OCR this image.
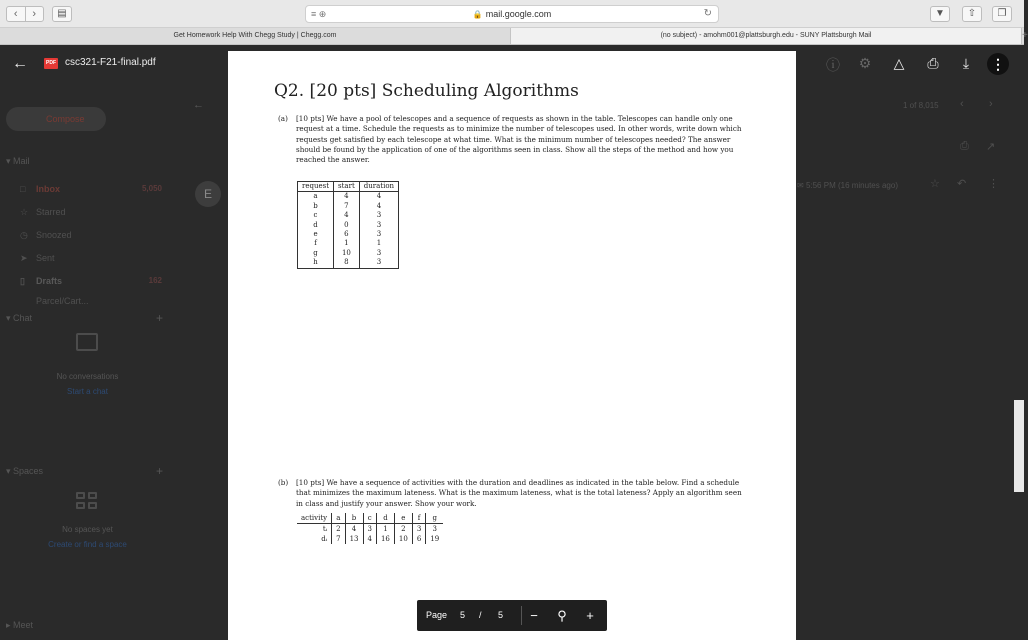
‹	›	▤	≡ ⊕	🔒 mail.google.com	↻	▼	⇧	❐
Get Homework Help With Chegg Study | Chegg.com	(no subject) - amohm001@plattsburgh.edu - SUNY Plattsburgh Mail	+
Compose
▾ Mail
□ Inbox	5,050
☆ Starred
◷ Snoozed
➤ Sent
▯ Drafts	162
Parcel/Cart...
▾ Chat	+
No conversations
Start a chat
▾ Spaces	+
No spaces yet
Create or find a space
▸ Meet
←
E
1 of 8,015 ‹ ›
⎙ ↗
✉ 5:56 PM (16 minutes ago)	☆ ↶ ⋮
←	PDF csc321-F21-final.pdf	ⓘ ⚙	△	⎙	⤓	⋮
Q2. [20 pts] Scheduling Algorithms
(a)	[10 pts] We have a pool of telescopes and a sequence of requests as shown in the table. Telescopes can handle only one request at a time. Schedule the requests as to minimize the number of telescopes used. In other words, write down which requests get satisfied by each telescope at what time. What is the minimum number of telescopes needed? The answer should be found by the application of one of the algorithms seen in class. Show all the steps of the method and how you reached the answer.
request	start	duration
a	4	4
b	7	4
c	4	3
d	0	3
e	6	3
f	1	1
g	10	3
h	8	3
(b)	[10 pts] We have a sequence of activities with the duration and deadlines as indicated in the table below. Find a schedule that minimizes the maximum lateness. What is the maximum lateness, what is the total lateness? Apply an algorithm seen in class and justify your answer. Show your work.
activity	a	b	c	d	e	f	g
tᵢ	2	4	3	1	2	3	3
dᵢ	7	13	4	16	10	6	19
Page 5 / 5	−	⚲	+
